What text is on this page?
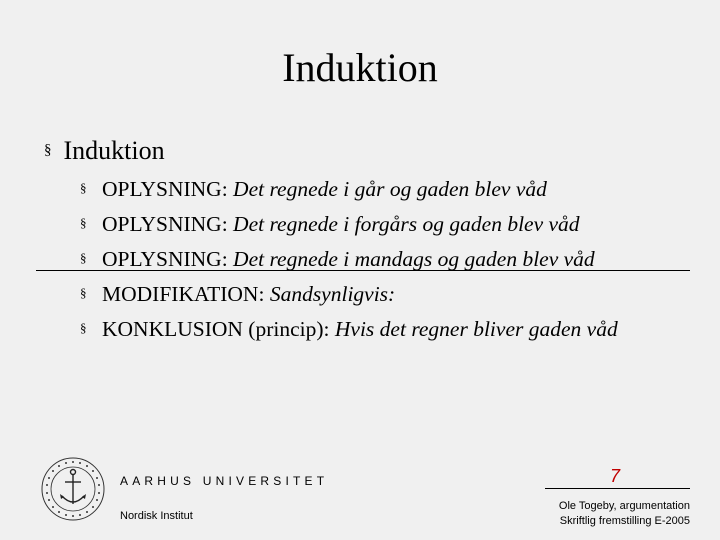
Induktion
§ Induktion
§ OPLYSNING: Det regnede i går og gaden blev våd
§ OPLYSNING: Det regnede i forgårs og gaden blev våd
§ OPLYSNING: Det regnede i mandags og gaden blev våd
§ MODIFIKATION: Sandsynligvis:
§ KONKLUSION (princip): Hvis det regner bliver gaden våd
AARHUS UNIVERSITET
Nordisk Institut
7
Ole Togeby, argumentation
Skriftlig fremstilling E-2005
